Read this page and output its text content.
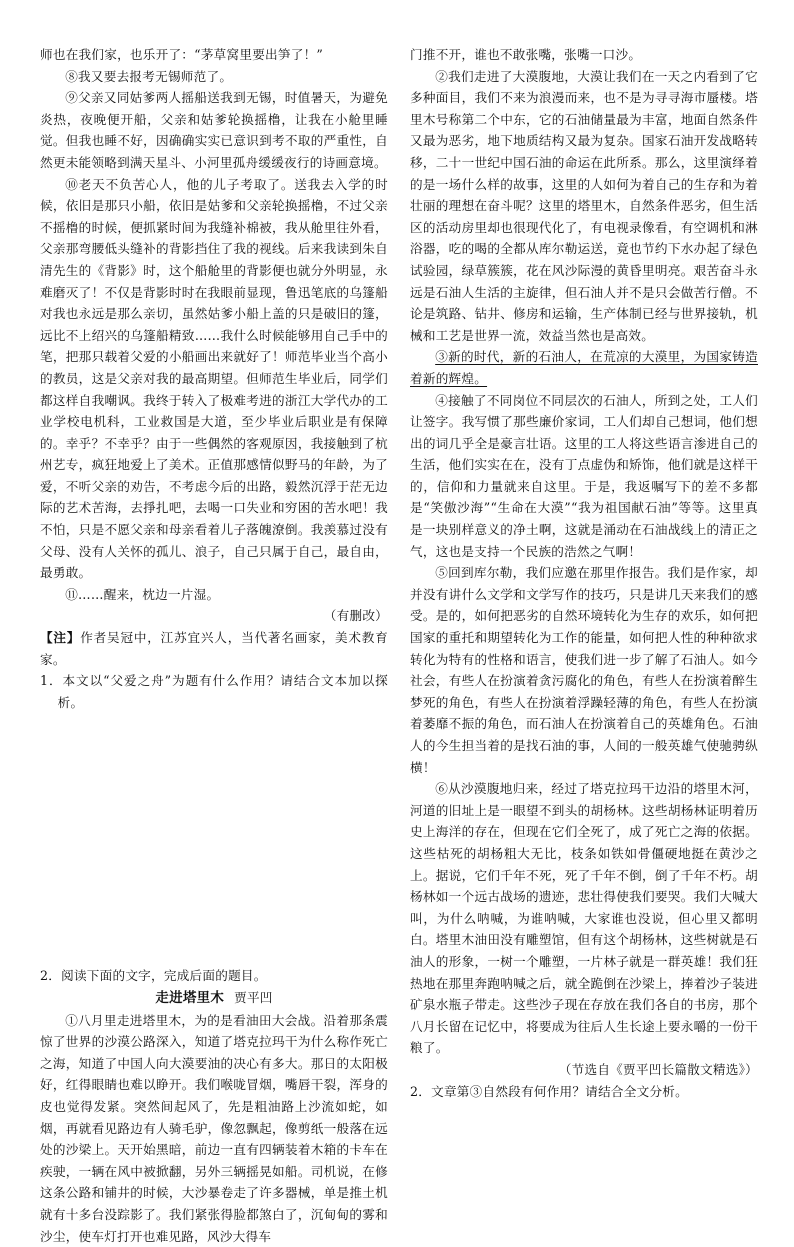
师也在我们家，也乐开了：“茅草窝里要出笋了！”

⑧我又要去报考无锡师范了。

⑨父亲又同姑爹两人摇船送我到无锡，时值暑天，为避免炎热，夜晚便开船，父亲和姑爹轮换摇橹，让我在小舱里睡觉。但我也睡不好，因确确实实已意识到考不取的严重性，自然更未能领略到满天星斗、小河里孤舟缓缓夜行的诗画意境。

⑩老天不负苦心人，他的儿子考取了。送我去入学的时候，依旧是那只小船，依旧是姑爹和父亲轮换摇橹，不过父亲不摇橹的时候，便抓紧时间为我缝补棉被，我从舱里往外看，父亲那弯腰低头缝补的背影挡住了我的视线。后来我读到朱自清先生的《背影》时，这个船舱里的背影便也就分外明显，永难磨灭了！不仅是背影时时在我眼前显现，鲁迅笔底的乌篷船对我也永远是那么亲切，虽然姑爹小船上盖的只是破旧的篷，远比不上绍兴的乌篷船精致……我什么时候能够用自己手中的笔，把那只载着父爱的小船画出来就好了！师范毕业当个高小的教员，这是父亲对我的最高期望。但师范生毕业后，同学们都这样自我嘲讽。我终于转入了极难考进的浙江大学代办的工业学校电机科，工业救国是大道，至少毕业后职业是有保障的。幸乎？不幸乎？由于一些偶然的客观原因，我接触到了杭州艺专，疯狂地爱上了美术。正值那感情似野马的年龄，为了爱，不听父亲的劝告，不考虑今后的出路，毅然沉浮于茫无边际的艺术苦海，去掙扎吧，去喝一口失业和穷困的苦水吧！我不怕，只是不愿父亲和母亲看着儿子落魄潦倒。我羡慕过没有父母、没有人关怀的孤儿、浪子，自己只属于自己，最自由，最勇敢。

⑪……醒来，枕边一片湿。

（有删改）

【注】作者吴冠中，江苏宜兴人，当代著名画家，美术教育家。

1．本文以“父爱之舟”为题有什么作用？请结合文本加以探析。

2．阅读下面的文字，完成后面的题目。

走进塔里木 贾平凹

①八月里走进塔里木，为的是看油田大会战。沿着那条震惊了世界的沙漠公路深入，知道了塔克拉玛干为什么称作死亡之海，知道了中国人向大漠要油的决心有多大。那日的太阳极好，红得眼睛也难以睁开。我们喉咙冒烟，嘴唇干裂，浑身的皮也觉得发紧。突然间起风了，先是粗油路上沙流如蛇，如烟，再就看见路边有人骑毛驴，像忽飘起，像剪纸一般落在远处的沙梁上。天开始黑暗，前边一直有四辆装着木箱的卡车在疾驶，一辆在风中被掀翻，另外三辆摇晃如船。司机说，在修这条公路和铺井的时候，大沙暴卷走了许多器械，单是推土机就有十多台没踪影了。我们紧张得脸都煞白了，沉甸甸的雾和沙尘，使车灯打开也难见路，风沙大得车

门推不开，谁也不敢张嘴，张嘴一口沙。

②我们走进了大漠腹地，大漠让我们在一天之内看到了它多种面目，我们不来为浪漫而来，也不是为寻寻海市蜃楼。塔里木号称第二个中东，它的石油储量最为丰富，地面自然条件又最为恶劣，地下地质结构又最为复杂。国家石油开发战略转移，二十一世纪中国石油的命运在此所系。那么，这里演绎着的是一场什么样的故事，这里的人如何为着自己的生存和为着壮丽的理想在奋斗呢？这里的塔里木，自然条件恶劣，但生活区的活动房里却也很现代化了，有电视录像看，有空调机和淋浴器，吃的喝的全都从库尔勒运送，竟也节约下水办起了绿色试验园，绿草簇簇，花在风沙际漫的黄昏里明亮。艰苦奋斗永远是石油人生活的主旋律，但石油人并不是只会做苦行僧。不论是筑路、钻井、修房和运输，生产体制已经与世界接轨，机械和工艺是世界一流，效益当然也是高效。

③新的时代，新的石油人，在荒凉的大漠里，为国家铸造着新的辉煌。

④接触了不同岗位不同层次的石油人，所到之处，工人们让签字。我写惯了那些廉价家词，工人们却自己想词，他们想出的词几乎全是豪言壮语。这里的工人将这些语言渗进自己的生活，他们实实在在，没有丁点虚伪和矫饰，他们就是这样干的，信仰和力量就来自这里。于是，我返嘱写下的差不多都是“笑傲沙海”“生命在大漠”“我为祖国献石油”等等。这里真是一块别样意义的净土啊，这就是涌动在石油战线上的清正之气，这也是支持一个民族的浩然之气啊！

⑤回到库尔勒，我们应邀在那里作报告。我们是作家，却并没有讲什么文学和文学写作的技巧，只是讲几天来我们的感受。是的，如何把恶劣的自然环境转化为生存的欢乐，如何把国家的重托和期望转化为工作的能量，如何把人性的种种欲求转化为特有的性格和语言，使我们进一步了解了石油人。如今社会，有些人在扮演着贪污腐化的角色，有些人在扮演着醉生梦死的角色，有些人在扮演着浮躁轻薄的角色，有些人在扮演着萎靡不振的角色，而石油人在扮演着自己的英雄角色。石油人的今生担当着的是找石油的事，人间的一般英雄气使驰骋纵横！

⑥从沙漠腹地归来，经过了塔克拉玛干边沿的塔里木河，河道的旧址上是一眼望不到头的胡杨林。这些胡杨林证明着历史上海洋的存在，但现在它们全死了，成了死亡之海的依据。这些枯死的胡杨粗大无比，枝条如铁如骨僵硬地挺在黄沙之上。据说，它们千年不死，死了千年不倒，倒了千年不朽。胡杨林如一个远古战场的遗迹，悲壮得使我们要哭。我们大喊大叫，为什么呐喊，为谁呐喊，大家谁也没说，但心里又都明白。塔里木油田没有雕塑馆，但有这个胡杨林，这些树就是石油人的形象，一树一个雕塑，一片林子就是一群英雄！我们狂热地在那里奔跑呐喊之后，就全跪倒在沙梁上，捧着沙子装进矿泉水瓶子带走。这些沙子现在存放在我们各自的书房，那个八月长留在记忆中，将要成为往后人生长途上要永嚼的一份干粮了。

（节选自《贾平凹长篇散文精选》）

2．文章第③自然段有何作用？请结合全文分析。
